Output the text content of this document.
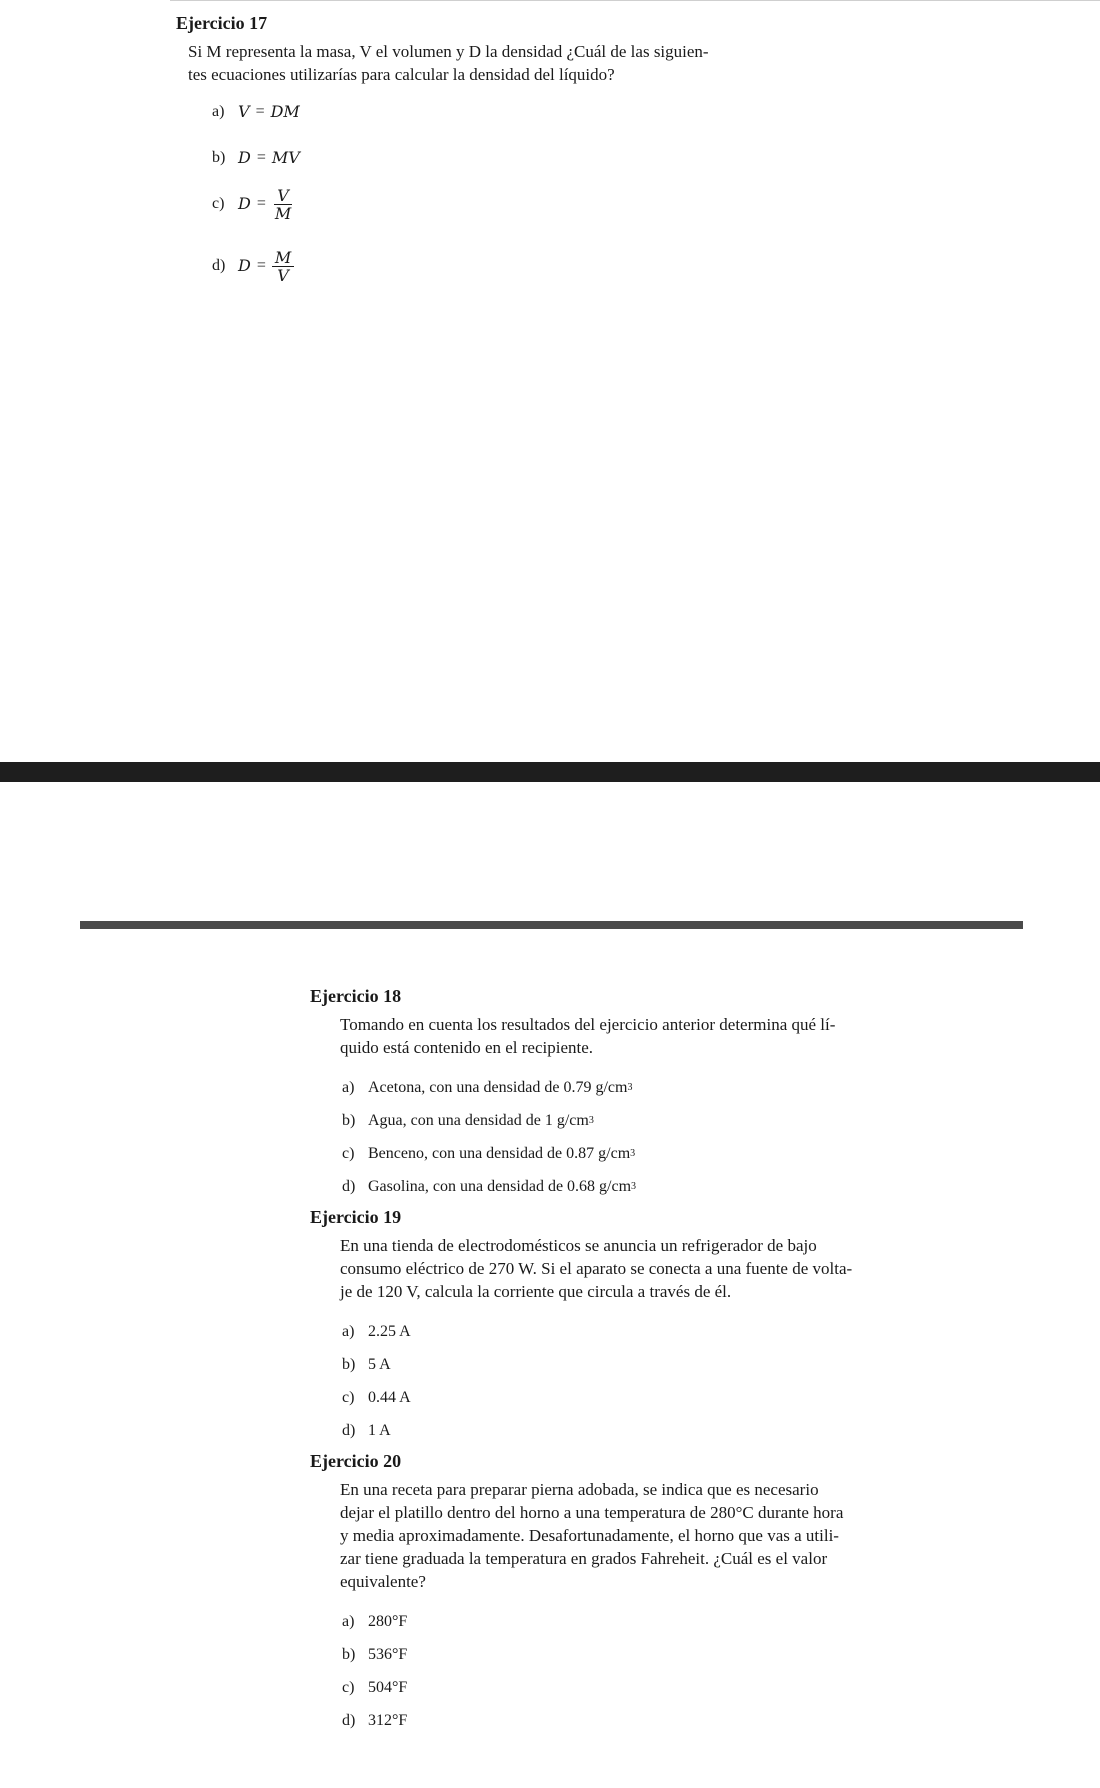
Ejercicio 17
Si M representa la masa, V el volumen y D la densidad ¿Cuál de las siguien-
tes ecuaciones utilizarías para calcular la densidad del líquido?
a) V = DM
b) D = MV
c) $D = \frac{V}{M}$
d) $D = \frac{M}{V}$
Ejercicio 18
Tomando en cuenta los resultados del ejercicio anterior determina qué lí-
quido está contenido en el recipiente.
a) Acetona, con una densidad de 0.79 g/cm 3
b) Agua, con una densidad de 1 g/cm 3
c) Benceno, con una densidad de 0.87 g/cm 3
d) Gasolina, con una densidad de 0.68 g/cm 3
Ejercicio 19
En una tienda de electrodomésticos se anuncia un refrigerador de bajo
consumo eléctrico de 270 W. Si el aparato se conecta a una fuente de volta-
je de 120 V, calcula la corriente que circula a través de él.
a) 2.25 A
b) 5 A
c) 0.44 A
d) 1 A
Ejercicio 20
En una receta para preparar pierna adobada, se indica que es necesario
dejar el platillo dentro del horno a una temperatura de 280°C durante hora
y media aproximadamente. Desafortunadamente, el horno que vas a utili-
zar tiene graduada la temperatura en grados Fahreheit. ¿Cuál es el valor
equivalente?
a) 280°F
b) 536°F
c) 504°F
d) 312°F
